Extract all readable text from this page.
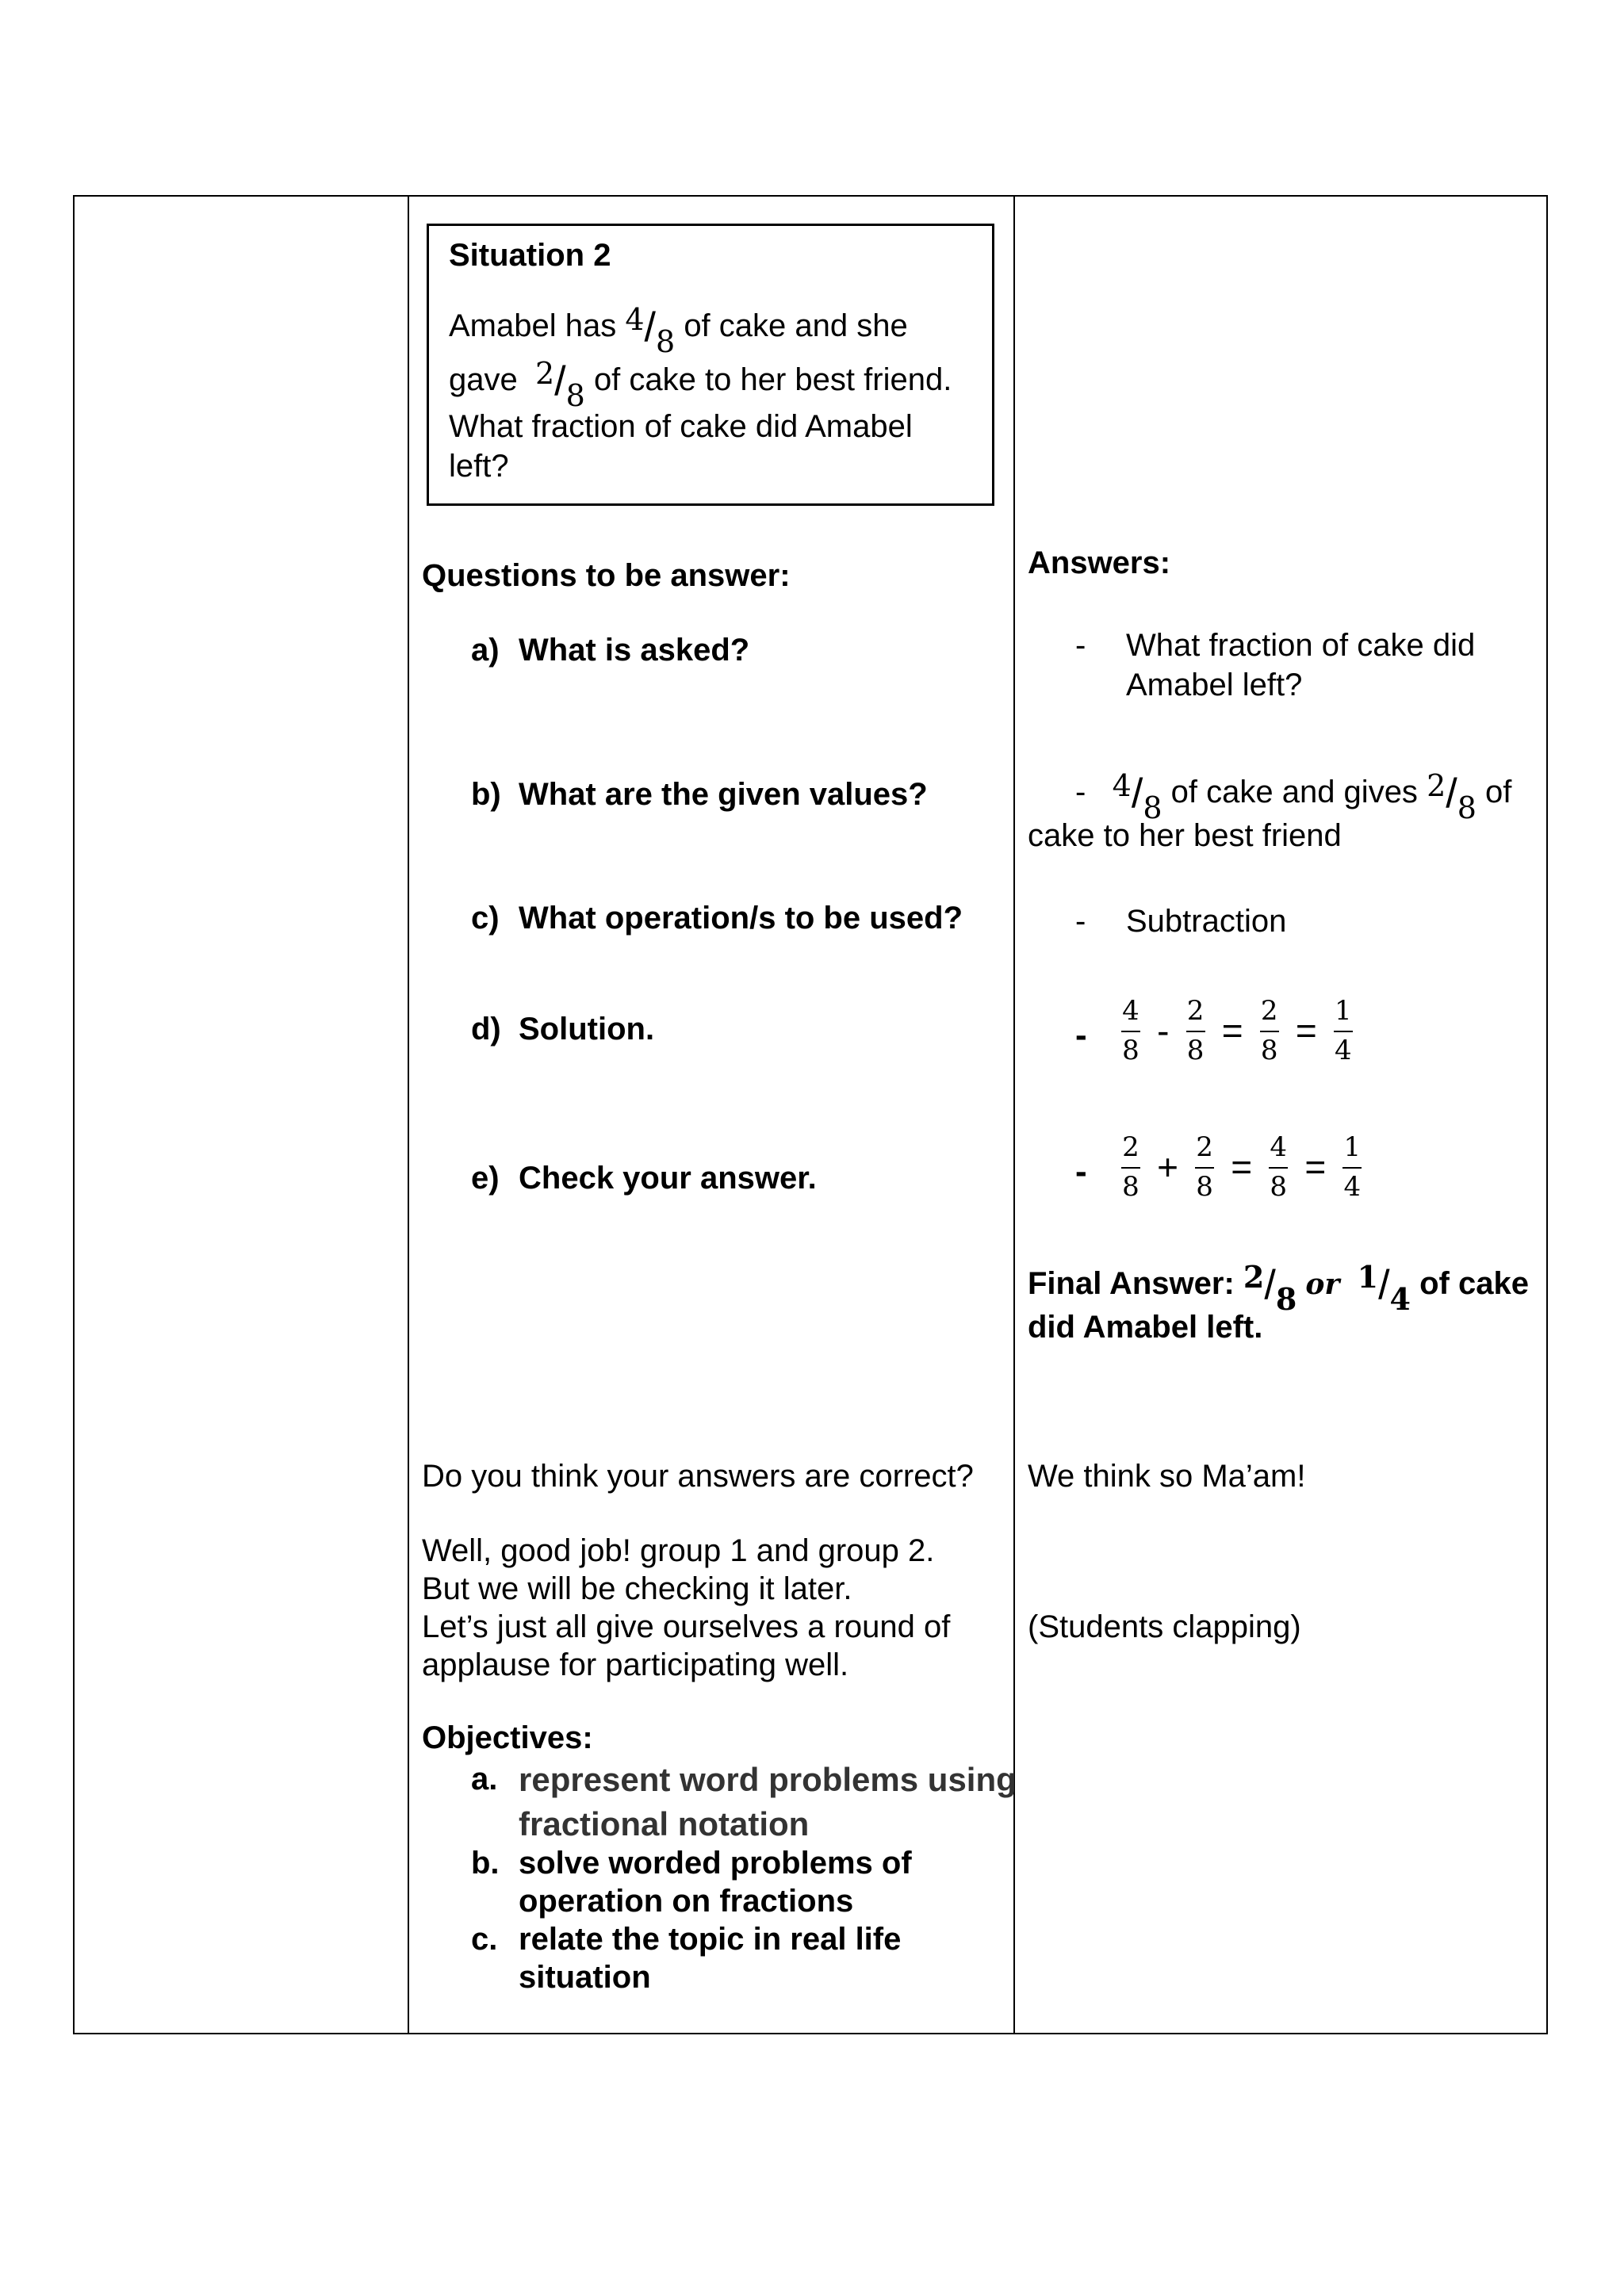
Situation 2
Amabel has 4/8 of cake and she
gave 2/8 of cake to her best friend.
What fraction of cake did Amabel
left?
Questions to be answer:
a) What is asked?
b) What are the given values?
c) What operation/s to be used?
d) Solution.
e) Check your answer.
Answers:
- What fraction of cake did
Amabel left?
- 4/8 of cake and gives 2/8 of
cake to her best friend
- Subtraction
- $\frac{4}{8} - \frac{2}{8} = \frac{2}{8} = \frac{1}{4}$
- $\frac{2}{8} + \frac{2}{8} = \frac{4}{8} = \frac{1}{4}$
Final Answer: 2/8 or 1/4 of cake
did Amabel left.
Do you think your answers are correct? We think so Ma’am!
Well, good job! group 1 and group 2.
But we will be checking it later.
Let’s just all give ourselves a round of
applause for participating well.
(Students clapping)
Objectives:
a. represent word problems using
fractional notation
b. solve worded problems of
operation on fractions
c. relate the topic in real life
situation
